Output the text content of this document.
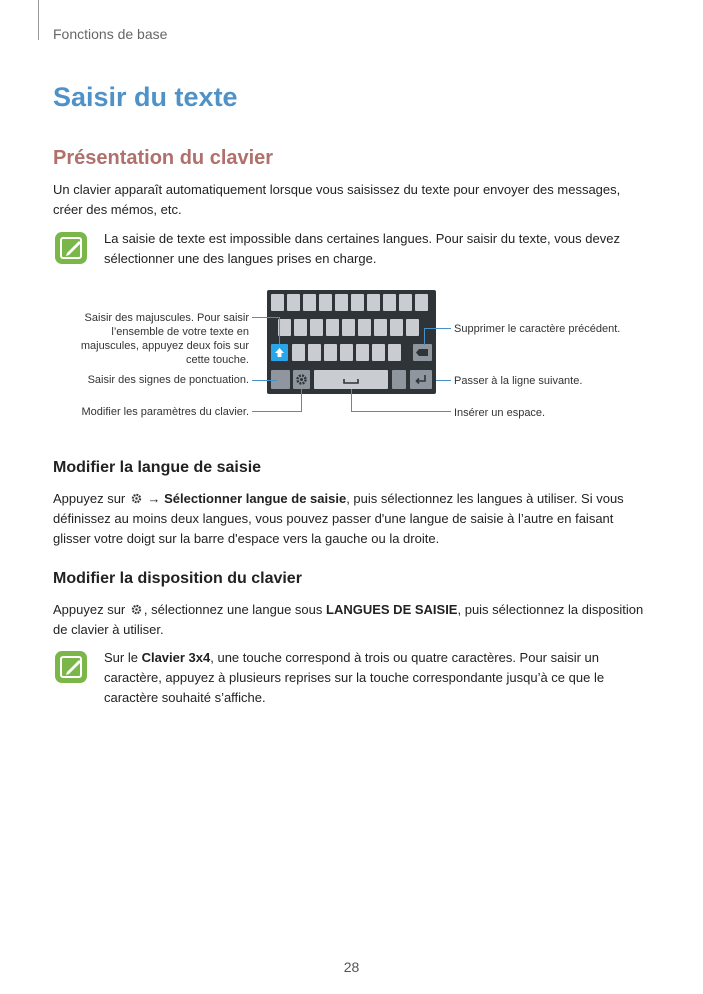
Fonctions de base
Saisir du texte
Présentation du clavier
Un clavier apparaît automatiquement lorsque vous saisissez du texte pour envoyer des messages, créer des mémos, etc.
La saisie de texte est impossible dans certaines langues. Pour saisir du texte, vous devez sélectionner une des langues prises en charge.
Saisir des majuscules. Pour saisir
l’ensemble de votre texte en
majuscules, appuyez deux fois sur
cette touche.
Saisir des signes de ponctuation.
Modifier les paramètres du clavier.
Supprimer le caractère précédent.
Passer à la ligne suivante.
Insérer un espace.
Modifier la langue de saisie
Appuyez sur  → Sélectionner langue de saisie, puis sélectionnez les langues à utiliser. Si vous
définissez au moins deux langues, vous pouvez passer d'une langue de saisie à l’autre en faisant
glisser votre doigt sur la barre d'espace vers la gauche ou la droite.
Modifier la disposition du clavier
Appuyez sur , sélectionnez une langue sous LANGUES DE SAISIE, puis sélectionnez la disposition
de clavier à utiliser.
Sur le Clavier 3x4, une touche correspond à trois ou quatre caractères. Pour saisir un
caractère, appuyez à plusieurs reprises sur la touche correspondante jusqu’à ce que le
caractère souhaité s’affiche.
28
